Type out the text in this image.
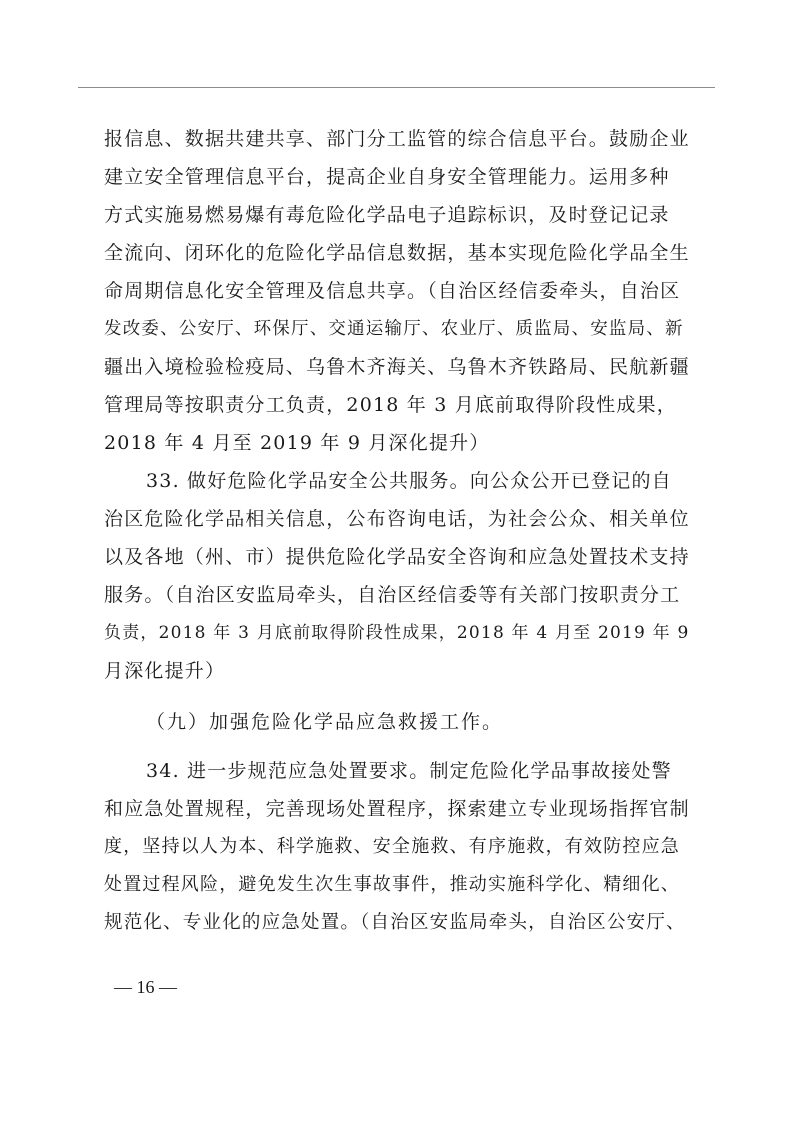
报信息、数据共建共享、部门分工监管的综合信息平台。鼓励企业
建立安全管理信息平台，提高企业自身安全管理能力。运用多种
方式实施易燃易爆有毒危险化学品电子追踪标识，及时登记记录
全流向、闭环化的危险化学品信息数据，基本实现危险化学品全生
命周期信息化安全管理及信息共享。（自治区经信委牵头，自治区
发改委、公安厅、环保厅、交通运输厅、农业厅、质监局、安监局、新
疆出入境检验检疫局、乌鲁木齐海关、乌鲁木齐铁路局、民航新疆
管理局等按职责分工负责，2018 年 3 月底前取得阶段性成果，
2018 年 4 月至 2019 年 9 月深化提升）
33. 做好危险化学品安全公共服务。向公众公开已登记的自
治区危险化学品相关信息，公布咨询电话，为社会公众、相关单位
以及各地（州、市）提供危险化学品安全咨询和应急处置技术支持
服务。（自治区安监局牵头，自治区经信委等有关部门按职责分工
负责，2018 年 3 月底前取得阶段性成果，2018 年 4 月至 2019 年 9
月深化提升）
（九）加强危险化学品应急救援工作。
34. 进一步规范应急处置要求。制定危险化学品事故接处警
和应急处置规程，完善现场处置程序，探索建立专业现场指挥官制
度，坚持以人为本、科学施救、安全施救、有序施救，有效防控应急
处置过程风险，避免发生次生事故事件，推动实施科学化、精细化、
规范化、专业化的应急处置。（自治区安监局牵头，自治区公安厅、
— 16 —
